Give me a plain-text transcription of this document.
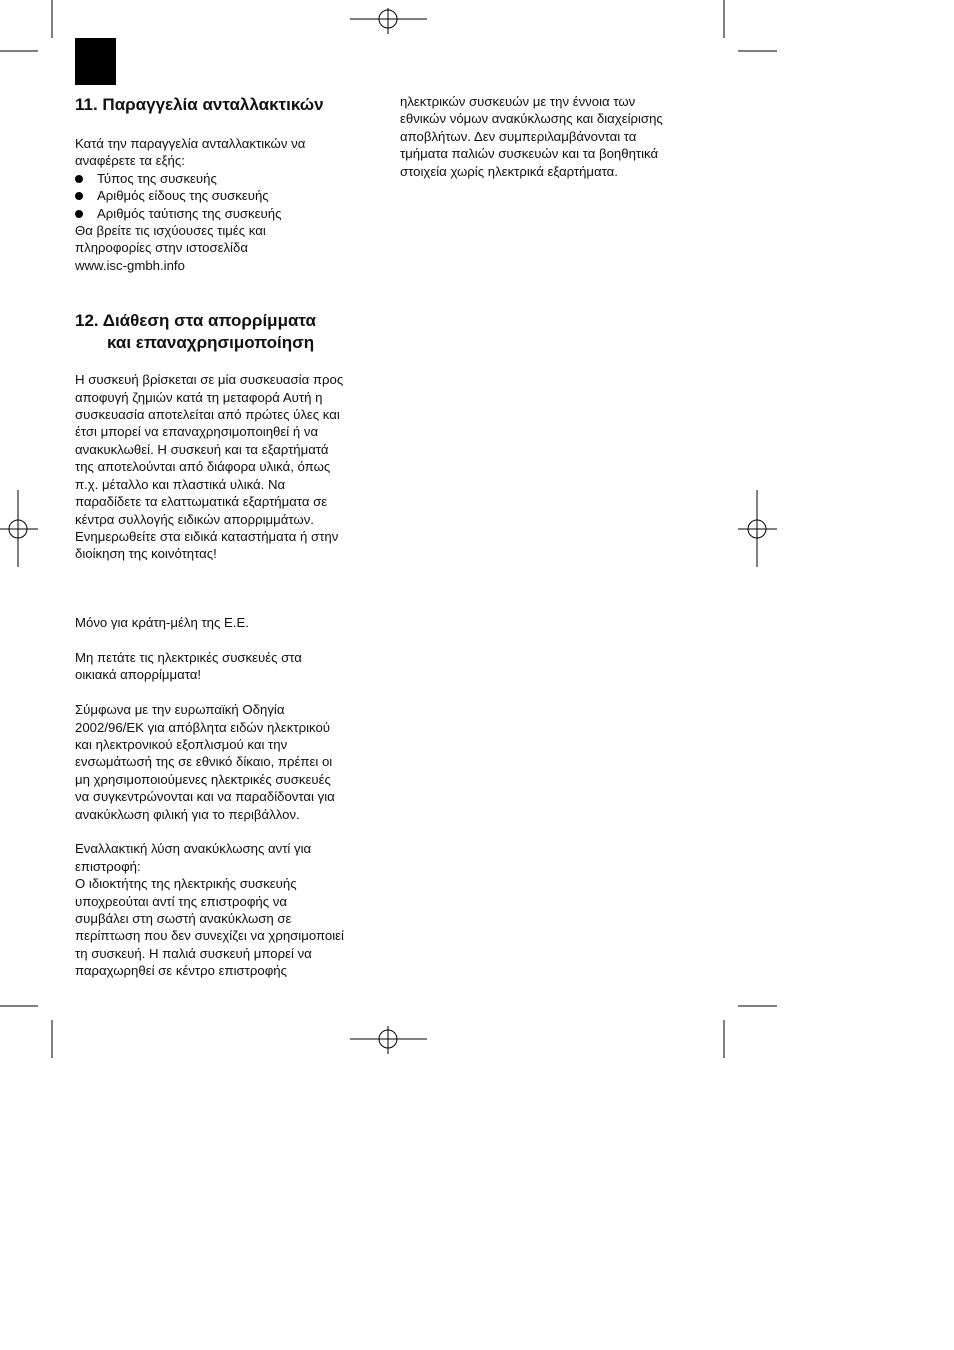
11. Παραγγελία ανταλλακτικών

Κατά την παραγγελία ανταλλακτικών να
αναφέρετε τα εξής:

Τύπος της συσκευής
Αριθμός είδους της συσκευής
Αριθμός ταύτισης της συσκευής

Θα βρείτε τις ισχύουσες τιμές και
πληροφορίες στην ιστοσελίδα
www.isc-gmbh.info

12. Διάθεση στα απορρίμματα
και επαναχρησιμοποίηση

Η συσκευή βρίσκεται σε μία συσκευασία προς
αποφυγή ζημιών κατά τη μεταφορά Αυτή η
συσκευασία αποτελείται από πρώτες ύλες και
έτσι μπορεί να επαναχρησιμοποιηθεί ή να
ανακυκλωθεί. Η συσκευή και τα εξαρτήματά
της αποτελούνται από διάφορα υλικά, όπως
π.χ. μέταλλο και πλαστικά υλικά. Να
παραδίδετε τα ελαττωματικά εξαρτήματα σε
κέντρα συλλογής ειδικών απορριμμάτων.
Ενημερωθείτε στα ειδικά καταστήματα ή στην
διοίκηση της κοινότητας!

Μόνο για κράτη-μέλη της Ε.Ε.

Μη πετάτε τις ηλεκτρικές συσκευές στα
οικιακά απορρίμματα!

Σύμφωνα με την ευρωπαϊκή Οδηγία
2002/96/ΕΚ για απόβλητα ειδών ηλεκτρικού
και ηλεκτρονικού εξοπλισμού και την
ενσωμάτωσή της σε εθνικό δίκαιο, πρέπει οι
μη χρησιμοποιούμενες ηλεκτρικές συσκευές
να συγκεντρώνονται και να παραδίδονται για
ανακύκλωση φιλική για το περιβάλλον.

Εναλλακτική λύση ανακύκλωσης αντί για
επιστροφή:
Ο ιδιοκτήτης της ηλεκτρικής συσκευής
υποχρεούται αντί της επιστροφής να
συμβάλει στη σωστή ανακύκλωση σε
περίπτωση που δεν συνεχίζει να χρησιμοποιεί
τη συσκευή. Η παλιά συσκευή μπορεί να
παραχωρηθεί σε κέντρο επιστροφής

ηλεκτρικών συσκευών με την έννοια των
εθνικών νόμων ανακύκλωσης και διαχείρισης
αποβλήτων. Δεν συμπεριλαμβάνονται τα
τμήματα παλιών συσκευών και τα βοηθητικά
στοιχεία χωρίς ηλεκτρικά εξαρτήματα.
